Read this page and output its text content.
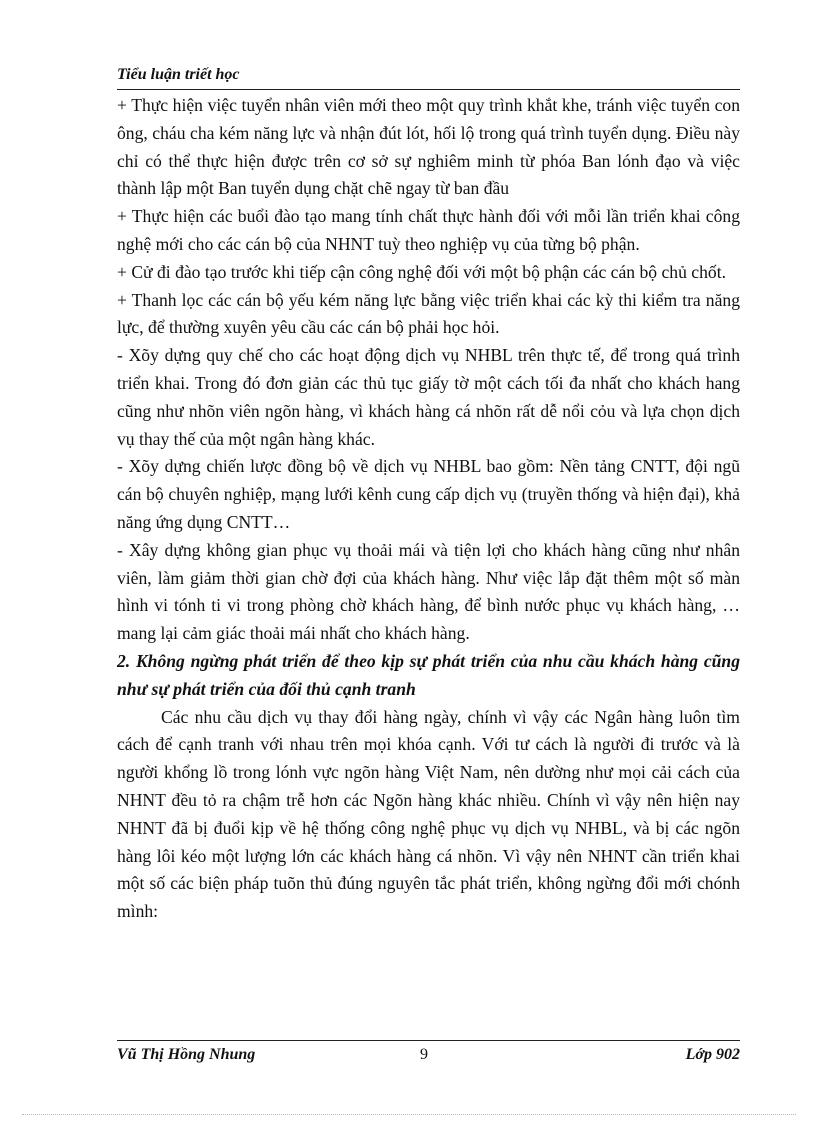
Tiểu luận triết học

+ Thực hiện việc tuyển nhân viên mới theo một quy trình khắt khe, tránh việc tuyển con ông, cháu cha kém năng lực và nhận đút lót, hối lộ trong quá trình tuyển dụng. Điều này chỉ có thể thực hiện được trên cơ sở sự nghiêm minh từ phóa Ban lónh đạo và việc thành lập một Ban tuyển dụng chặt chẽ ngay từ ban đầu

+ Thực hiện các buổi đào tạo mang tính chất thực hành đối với mỗi lần triển khai công nghệ mới cho các cán bộ của NHNT tuỳ theo nghiệp vụ của từng bộ phận.

+ Cử đi đào tạo trước khi tiếp cận công nghệ đối với một bộ phận các cán bộ chủ chốt.

+ Thanh lọc các cán bộ yếu kém năng lực bằng việc triển khai các kỳ thi kiểm tra năng lực, để thường xuyên yêu cầu các cán bộ phải học hỏi.

- Xõy dựng quy chế cho các hoạt động dịch vụ NHBL trên thực tế, để trong quá trình triển khai. Trong đó đơn giản các thủ tục giấy tờ một cách tối đa nhất cho khách hang cũng như nhõn viên ngõn hàng, vì khách hàng cá nhõn rất dễ nổi cỏu và lựa chọn dịch vụ thay thế của một ngân hàng khác.

- Xõy dựng chiến lược đồng bộ về dịch vụ NHBL bao gồm: Nền tảng CNTT, đội ngũ cán bộ chuyên nghiệp, mạng lưới kênh cung cấp dịch vụ (truyền thống và hiện đại), khả năng ứng dụng CNTT…

- Xây dựng không gian phục vụ thoải mái và tiện lợi cho khách hàng cũng như nhân viên, làm giảm thời gian chờ đợi của khách hàng. Như việc lắp đặt thêm một số màn hình vi tónh ti vi trong phòng chờ khách hàng, để bình nước phục vụ khách hàng, …mang lại cảm giác thoải mái nhất cho khách hàng.

2. Không ngừng phát triển để theo kịp sự phát triển của nhu cầu khách hàng cũng như sự phát triển của đối thủ cạnh tranh

Các nhu cầu dịch vụ thay đổi hàng ngày, chính vì vậy các Ngân hàng luôn tìm cách để cạnh tranh với nhau trên mọi khóa cạnh. Với tư cách là người đi trước và là người khổng lồ trong lónh vực ngõn hàng Việt Nam, nên dường như mọi cải cách của NHNT đều tỏ ra chậm trễ hơn các Ngõn hàng khác nhiều. Chính vì vậy nên hiện nay NHNT đã bị đuổi kịp về hệ thống công nghệ phục vụ dịch vụ NHBL, và bị các ngõn hàng lôi kéo một lượng lớn các khách hàng cá nhõn. Vì vậy nên NHNT cần triển khai một số các biện pháp tuõn thủ đúng nguyên tắc phát triển, không ngừng đổi mới chónh mình:

Vũ Thị Hồng Nhung	9	Lớp 902
